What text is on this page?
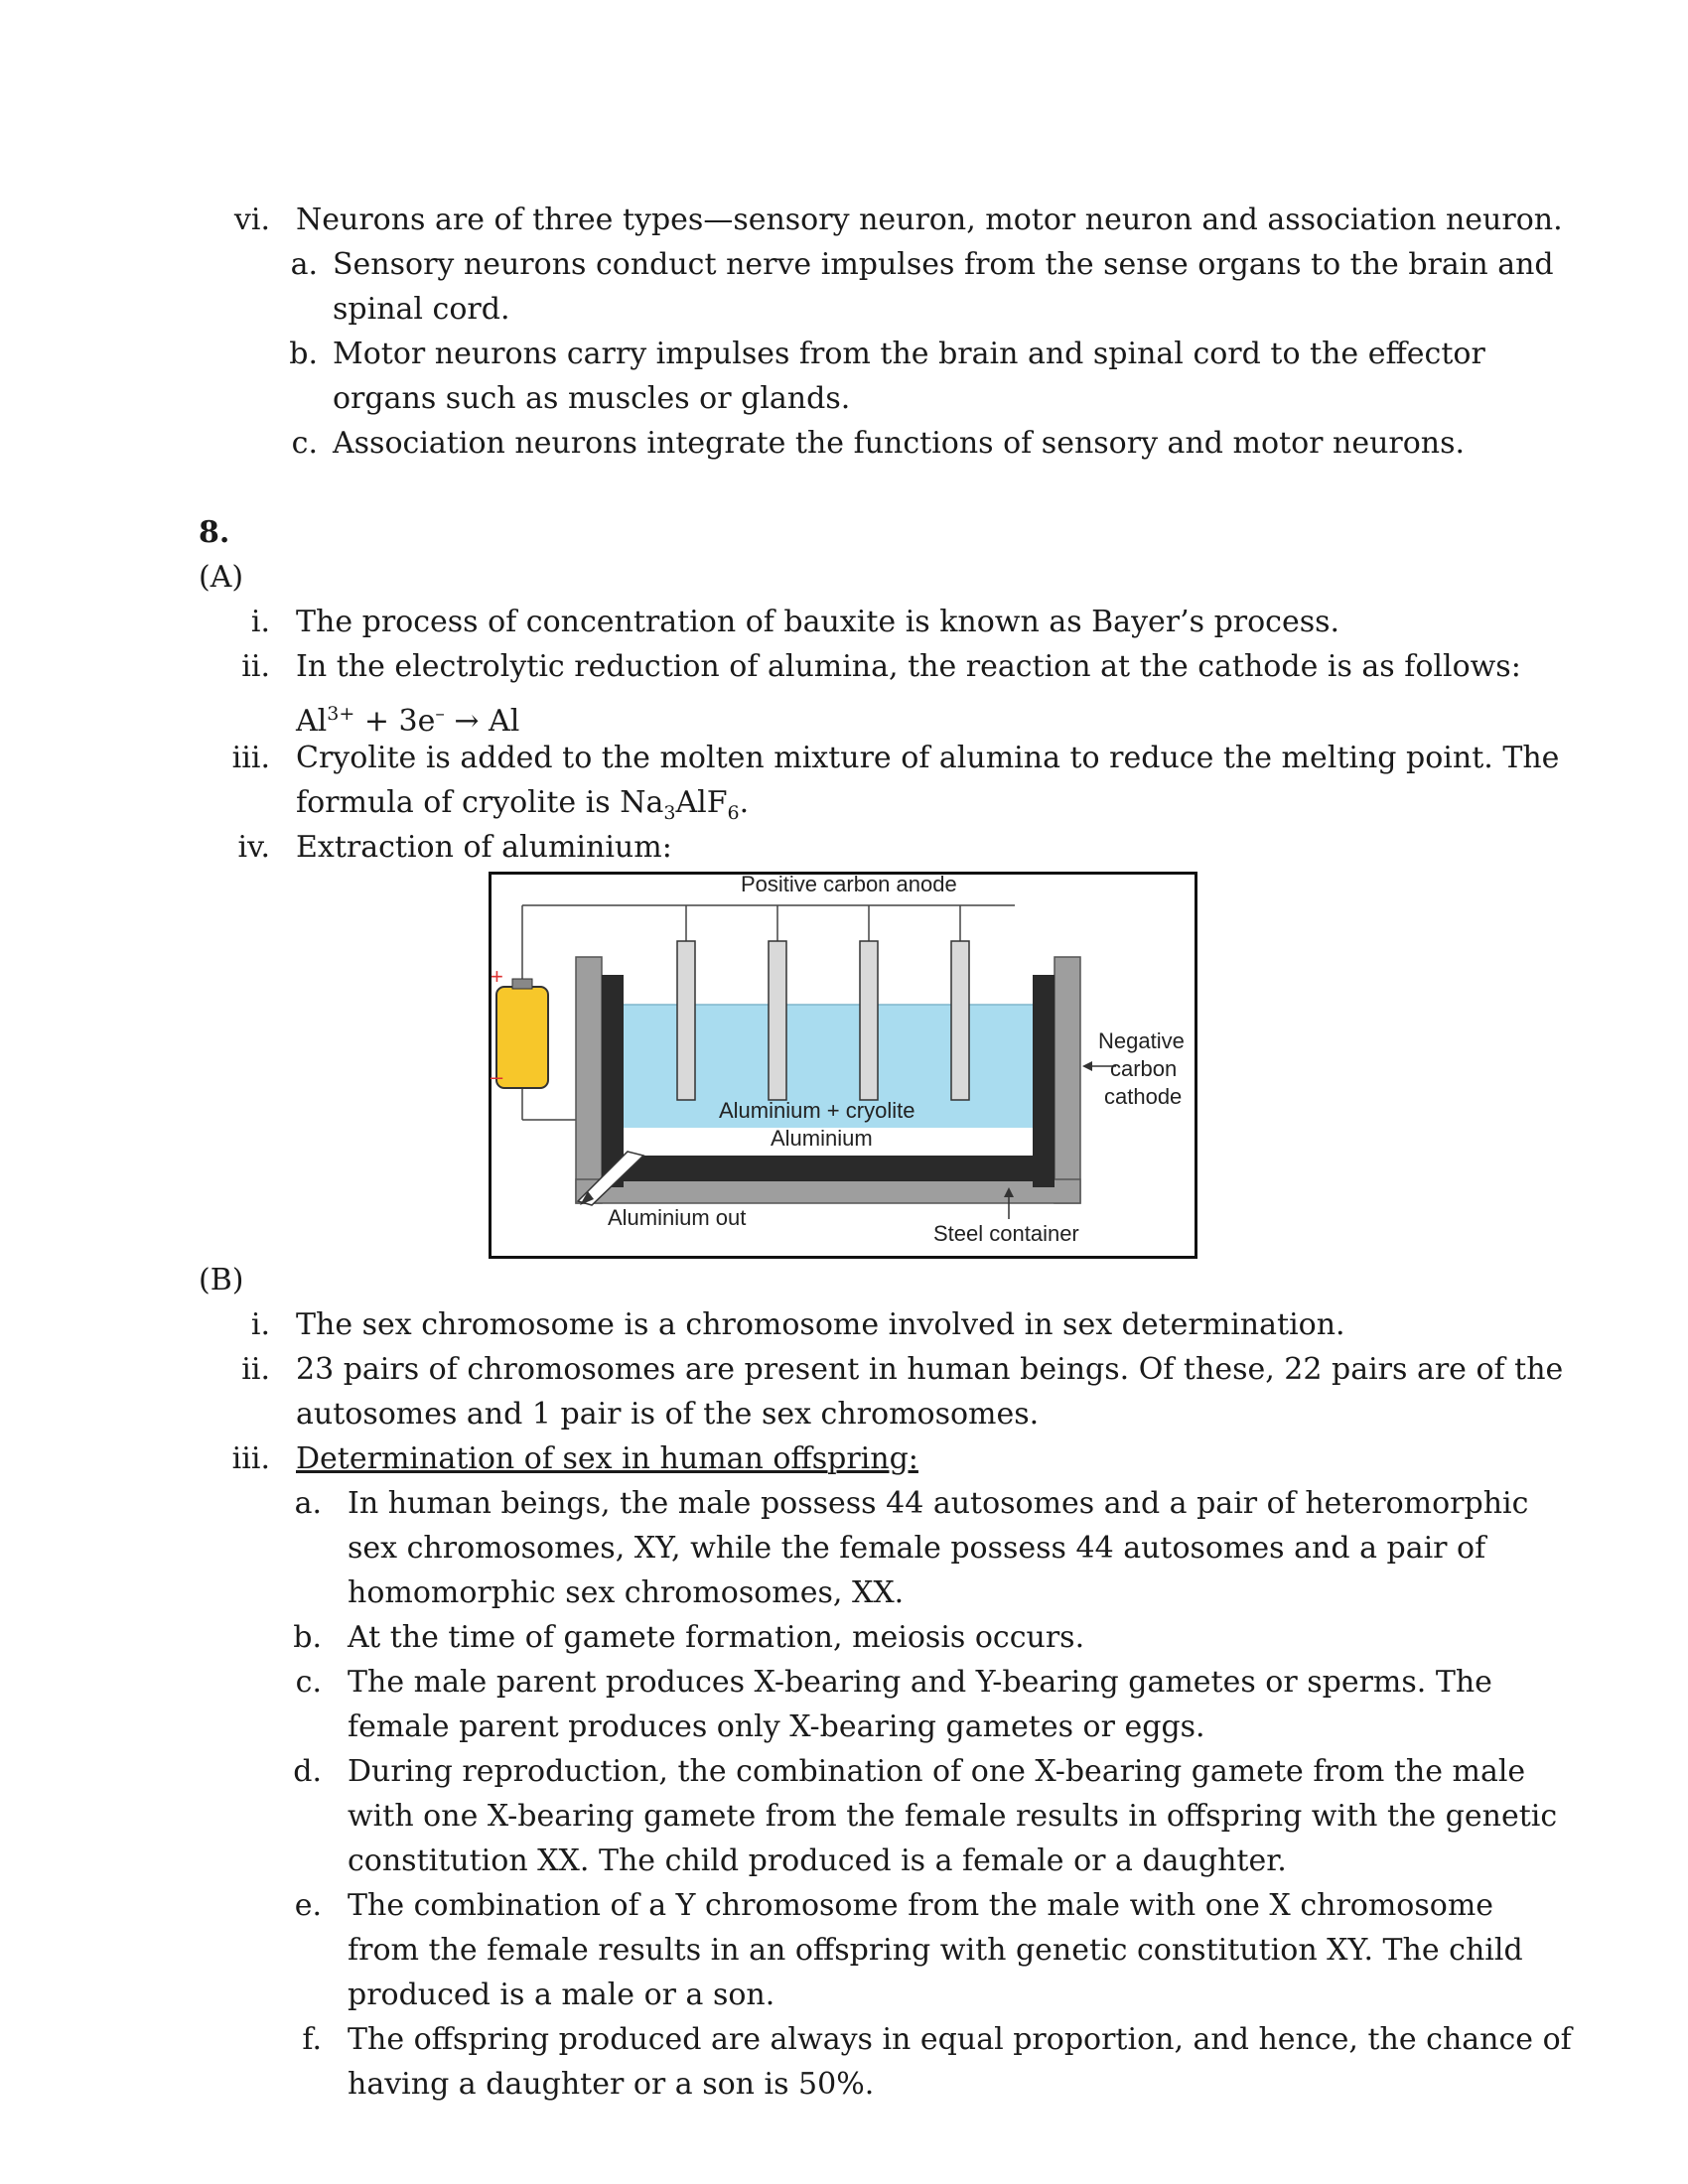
vi. Neurons are of three types—sensory neuron, motor neuron and association neuron.
a. Sensory neurons conduct nerve impulses from the sense organs to the brain and
spinal cord.
b. Motor neurons carry impulses from the brain and spinal cord to the effector
organs such as muscles or glands.
c. Association neurons integrate the functions of sensory and motor neurons.
8.
(A)
i. The process of concentration of bauxite is known as Bayer’s process.
ii. In the electrolytic reduction of alumina, the reaction at the cathode is as follows:
$Al^{3+} + 3e^- \to Al$
iii. Cryolite is added to the molten mixture of alumina to reduce the melting point. The
formula of cryolite is $Na_3AlF_6$.
iv. Extraction of aluminium:
+
–
Positive carbon anode
Negative
carbon
cathode
Aluminium + cryolite
Aluminium
Aluminium out
Steel container
(B)
i. The sex chromosome is a chromosome involved in sex determination.
ii. 23 pairs of chromosomes are present in human beings. Of these, 22 pairs are of the
autosomes and 1 pair is of the sex chromosomes.
iii. Determination of sex in human offspring:
a. In human beings, the male possess 44 autosomes and a pair of heteromorphic
sex chromosomes, XY, while the female possess 44 autosomes and a pair of
homomorphic sex chromosomes, XX.
b. At the time of gamete formation, meiosis occurs.
c. The male parent produces X-bearing and Y-bearing gametes or sperms. The
female parent produces only X-bearing gametes or eggs.
d. During reproduction, the combination of one X-bearing gamete from the male
with one X-bearing gamete from the female results in offspring with the genetic
constitution XX. The child produced is a female or a daughter.
e. The combination of a Y chromosome from the male with one X chromosome
from the female results in an offspring with genetic constitution XY. The child
produced is a male or a son.
f. The offspring produced are always in equal proportion, and hence, the chance of
having a daughter or a son is 50%.
